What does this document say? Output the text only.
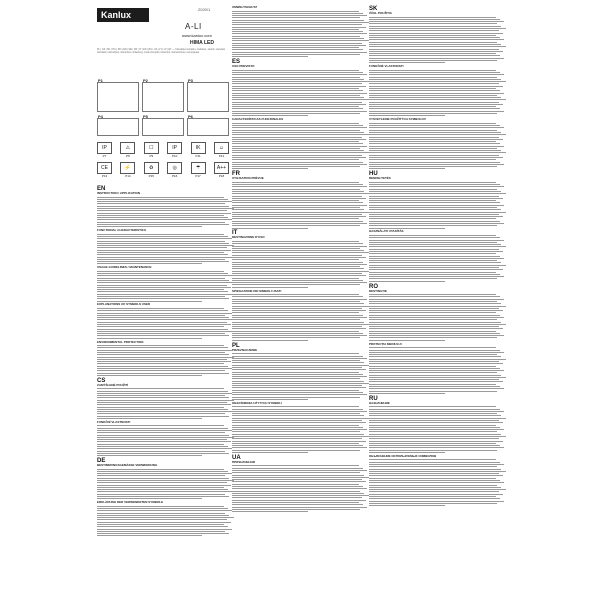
Kanlux
2020/1
A-LI
www.kanlux.com
HIMA LED
PL | CZ | SK | HU | RO | EN | DE | FR | IT | ES | RU | UA | LT | LV | ET — Instrukcja montażu, instrukce, návod, szerelési útmutató, instrucțiuni, instruction, Anleitung, mode d'emploi, istruzioni, instrucciones, инструкция.
P1	P2	P3
P4	P5	P6
IP
P7
⚠
P8
☐
P9
IP
P10
IK
P11
☺
P12
CE
P13
⚡
P14
♻
P15
◎
P16
☂
P17
A++
P18
EN
INSTRUCTION / APPLICATION
FUNCTIONAL CHARACTERISTICS
USAGE GUIDELINES / MAINTENANCE
EXPLANATIONS OF SYMBOLS USED
ENVIRONMENTAL PROTECTION
CS
ZAMÝŠLENÉ POUŽITÍ
FUNKČNÍ VLASTNOSTI
DE
BESTIMMUNGSGEMÄSSE VERWENDUNG
ERKLÄRUNG DER VERWENDETEN SYMBOLE
UMWELTSCHUTZ
ES
USO PREVISTO
CARACTERÍSTICAS FUNCIONALES
FR
UTILISATION PRÉVUE
IT
DESTINAZIONE D'USO
SPIEGAZIONE DEI SIMBOLI USATI
PL
PRZEZNACZENIE
OBJAŚNIENIA UŻYTYCH SYMBOLI
UA
ПРИЗНАЧЕННЯ
SK
ÚČEL POUŽITIA
FUNKČNÉ VLASTNOSTI
VYSVETLENIE POUŽITÝCH SYMBOLOV
HU
RENDELTETÉS
HASZNÁLATI UTASÍTÁS
RO
DESTINAȚIE
PROTECȚIA MEDIULUI
RU
НАЗНАЧЕНИЕ
ОБЪЯСНЕНИЕ ИСПОЛЬЗУЕМЫХ СИМВОЛОВ
